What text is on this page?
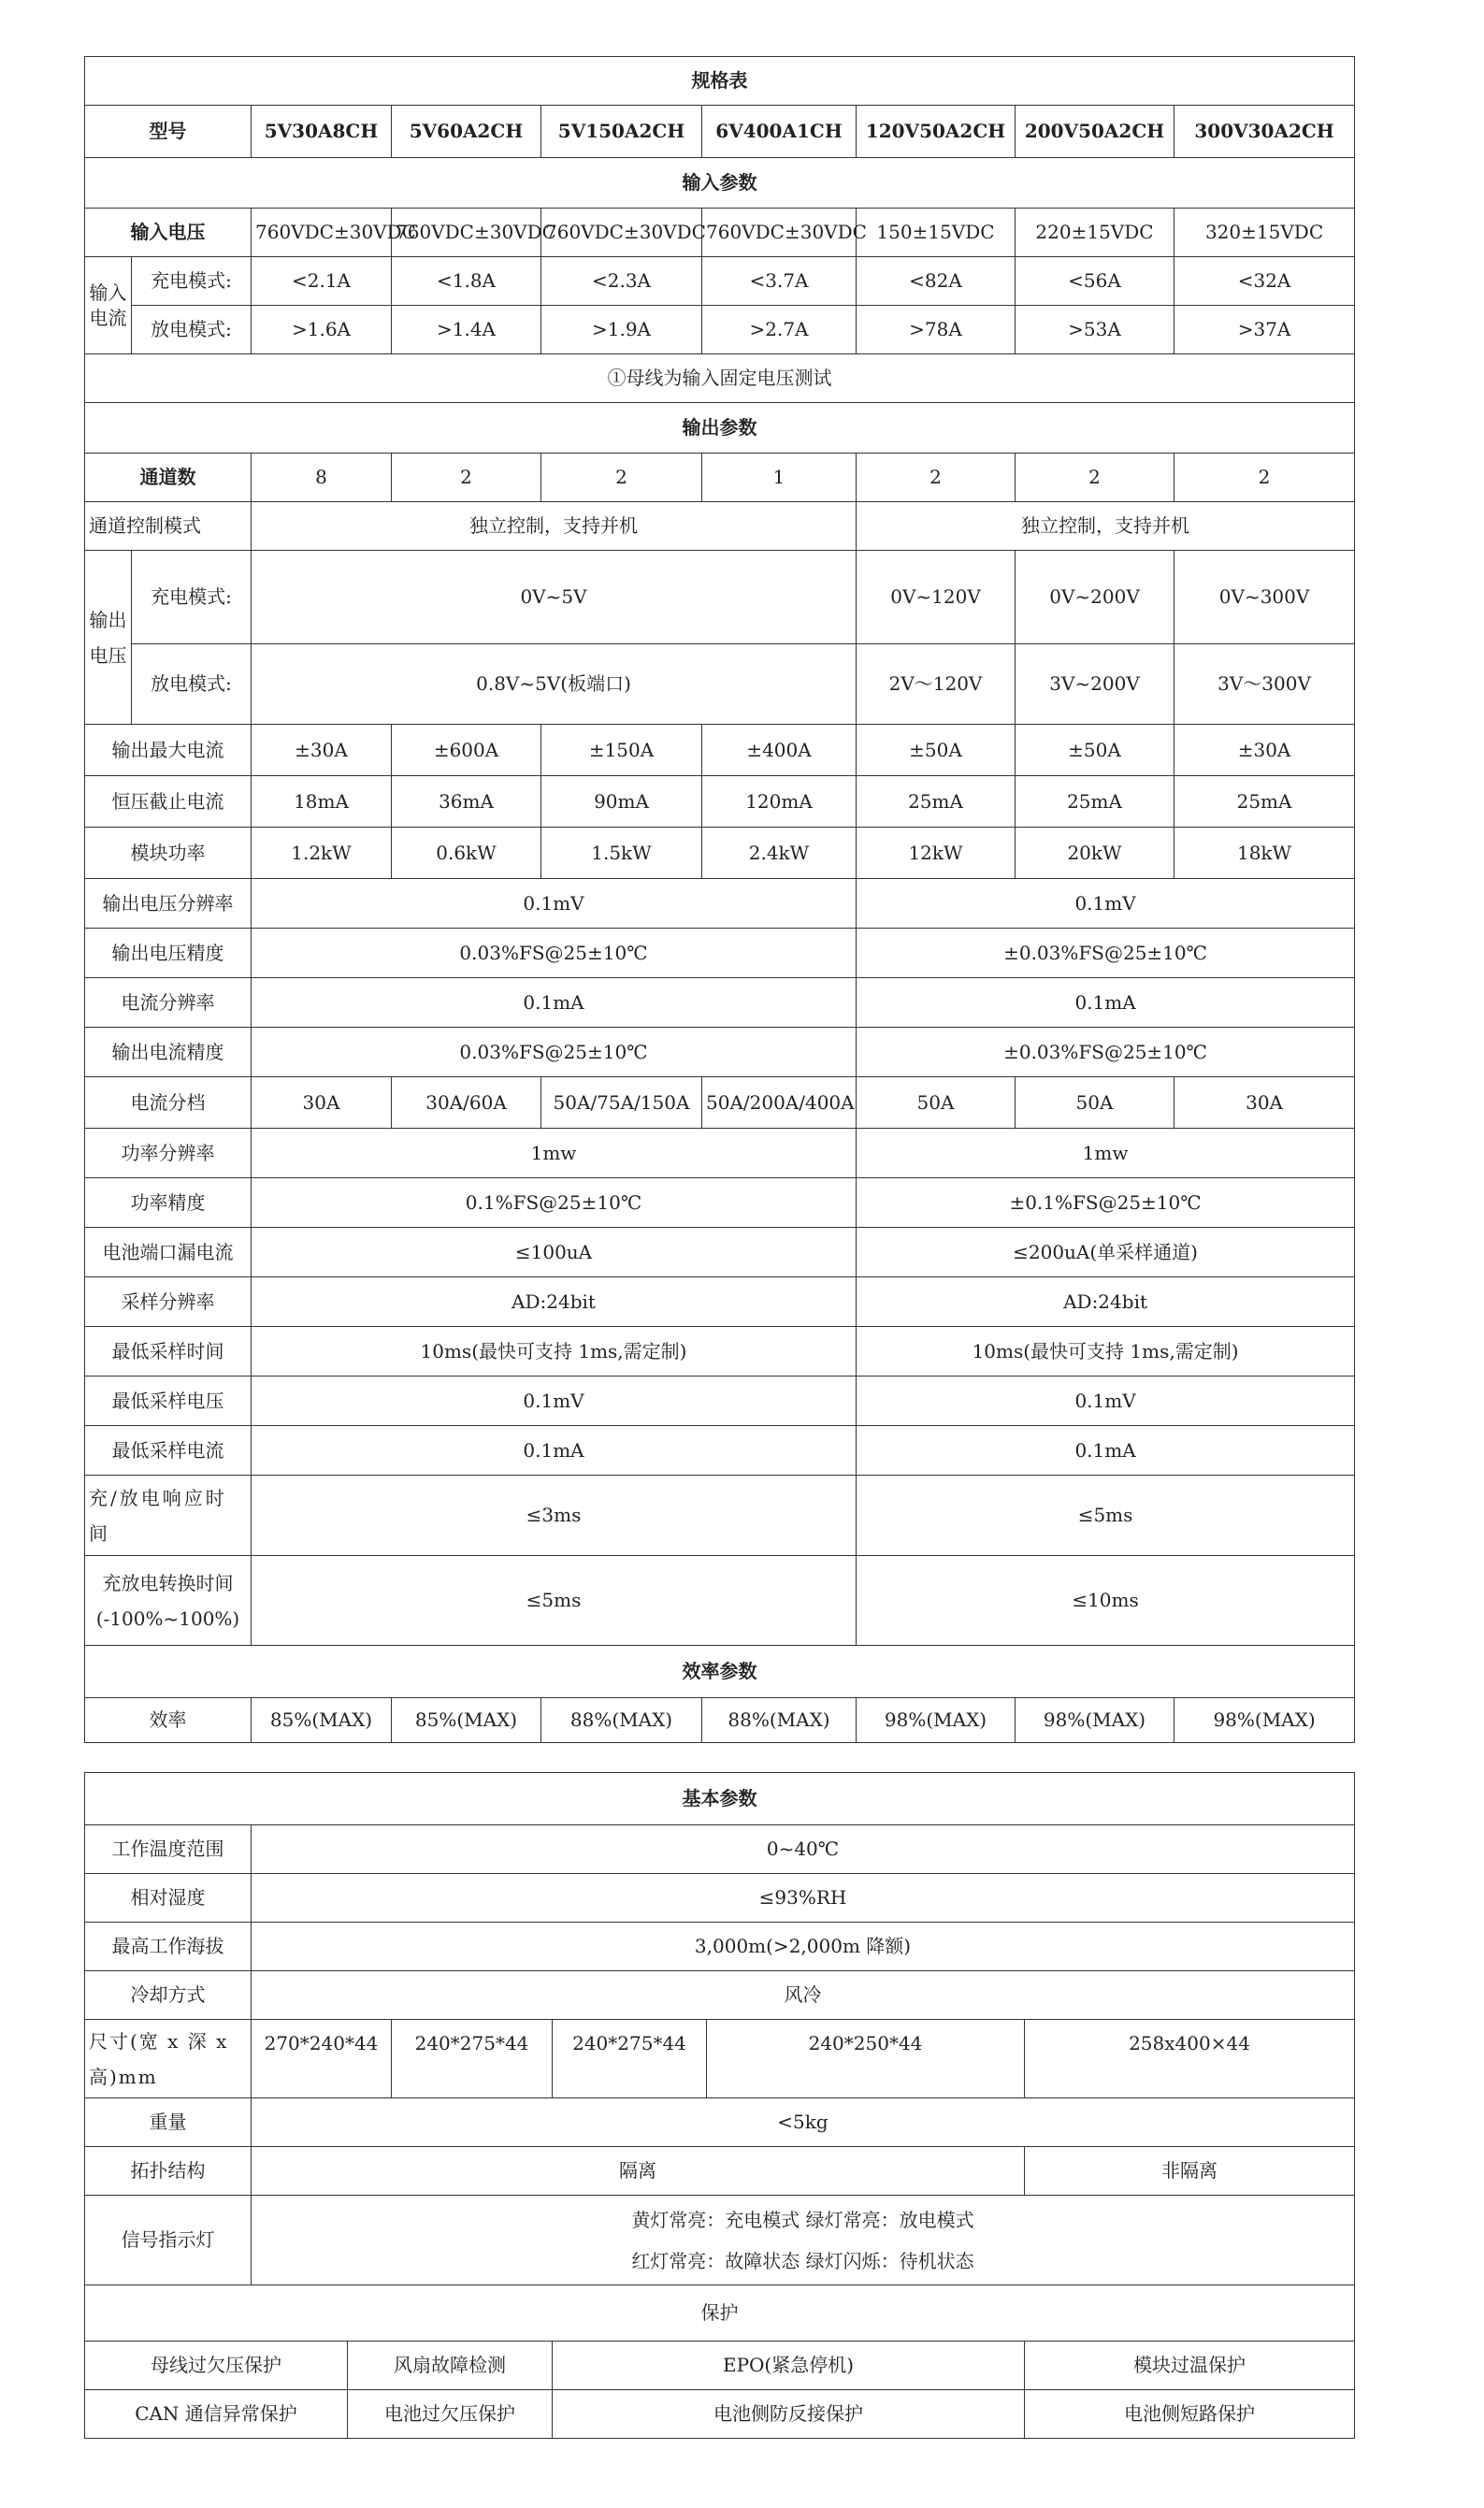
规格表								
型号		5V30A8CH	5V60A2CH	5V150A2CH	6V400A1CH	120V50A2CH	200V50A2CH	300V30A2CH
输入参数								
输入电压		760VDC±30VDC	760VDC±30VDC	760VDC±30VDC	760VDC±30VDC	150±15VDC	220±15VDC	320±15VDC
输入电流	充电模式:	<2.1A	<1.8A	<2.3A	<3.7A	<82A	<56A	<32A
	放电模式:	>1.6A	>1.4A	>1.9A	>2.7A	>78A	>53A	>37A
①母线为输入固定电压测试								
输出参数								
通道数		8	2	2	1	2	2	2
通道控制模式		独立控制，支持并机				独立控制，支持并机		
输出电压	充电模式:	0V~5V				0V~120V	0V~200V	0V~300V
	放电模式:	0.8V~5V(板端口)				2V～120V	3V~200V	3V～300V
输出最大电流		±30A	±600A	±150A	±400A	±50A	±50A	±30A
恒压截止电流		18mA	36mA	90mA	120mA	25mA	25mA	25mA
模块功率		1.2kW	0.6kW	1.5kW	2.4kW	12kW	20kW	18kW
输出电压分辨率		0.1mV				0.1mV		
输出电压精度		0.03%FS@25±10℃				±0.03%FS@25±10℃		
电流分辨率		0.1mA				0.1mA		
输出电流精度		0.03%FS@25±10℃				±0.03%FS@25±10℃		
电流分档		30A	30A/60A	50A/75A/150A	50A/200A/400A	50A	50A	30A
功率分辨率		1mw				1mw		
功率精度		0.1%FS@25±10℃				±0.1%FS@25±10℃		
电池端口漏电流		≤100uA				≤200uA(单采样通道)		
采样分辨率		AD:24bit				AD:24bit		
最低采样时间		10ms(最快可支持 1ms,需定制)				10ms(最快可支持 1ms,需定制)		
最低采样电压		0.1mV				0.1mV		
最低采样电流		0.1mA				0.1mA		
充/放电响应时间		≤3ms				≤5ms		
充放电转换时间(-100%~100%)		≤5ms				≤10ms		
效率参数								
效率		85%(MAX)	85%(MAX)	88%(MAX)	88%(MAX)	98%(MAX)	98%(MAX)	98%(MAX)
基本参数						
工作温度范围	0~40℃					
相对湿度	≤93%RH					
最高工作海拔	3,000m(>2,000m 降额)					
冷却方式	风冷					
尺寸(宽 x 深 x 高)mm	270*240*44		240*275*44	240*275*44	240*250*44	258x400×44
重量	<5kg					
拓扑结构	隔离					非隔离
信号指示灯	黄灯常亮：充电模式 绿灯常亮：放电模式
红灯常亮：故障状态 绿灯闪烁：待机状态					

保护						
母线过欠压保护		风扇故障检测		EPO(紧急停机)		模块过温保护
CAN 通信异常保护		电池过欠压保护		电池侧防反接保护		电池侧短路保护
